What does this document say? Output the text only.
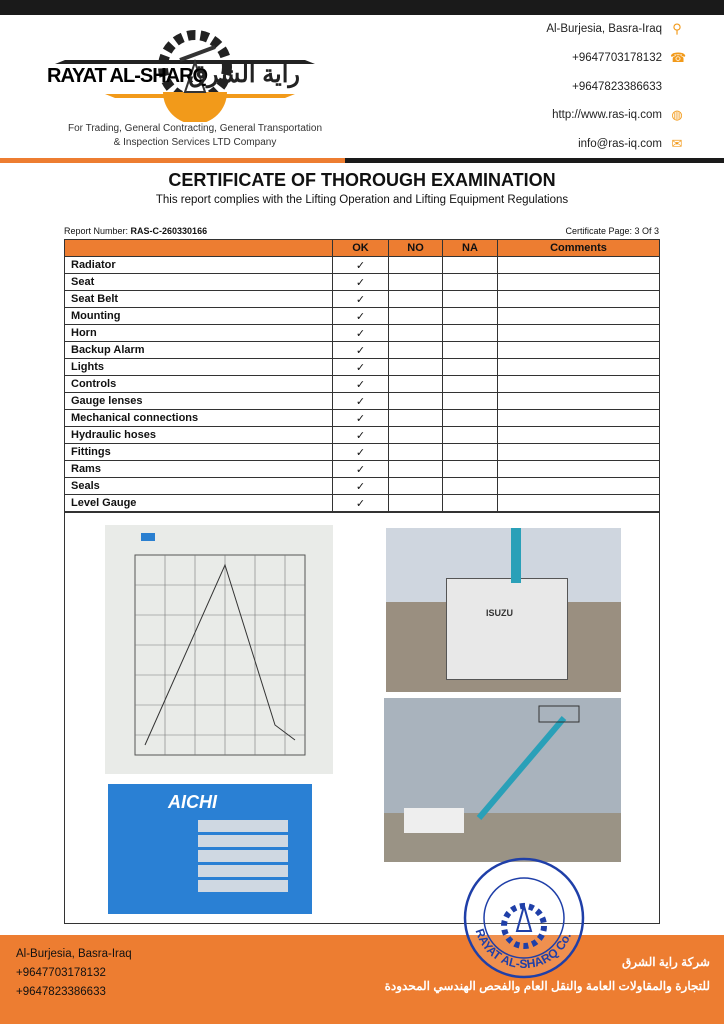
RAYAT AL-SHARQ
راية الشرق
For Trading, General Contracting, General Transportation
& Inspection Services LTD Company
Al-Burjesia, Basra-Iraq ⚲
+9647703178132 ☎
+9647823386633
http://www.ras-iq.com ◍
info@ras-iq.com ✉
CERTIFICATE OF THOROUGH EXAMINATION
This report complies with the Lifting Operation and Lifting Equipment Regulations
Report Number: RAS-C-260330166	Certificate Page: 3 Of 3
	OK	NO	NA	Comments
Radiator	✓			
Seat	✓			
Seat Belt	✓			
Mounting	✓			
Horn	✓			
Backup Alarm	✓			
Lights	✓			
Controls	✓			
Gauge lenses	✓			
Mechanical connections	✓			
Hydraulic hoses	✓			
Fittings	✓			
Rams	✓			
Seals	✓			
Level Gauge	✓			
AICHI
ISUZU
Al-Burjesia, Basra-Iraq
+9647703178132
+9647823386633
شركة راية الشرق
للتجارة والمقاولات العامة والنقل العام والفحص الهندسي المحدودة
RAYAT AL-SHARQ Co.
